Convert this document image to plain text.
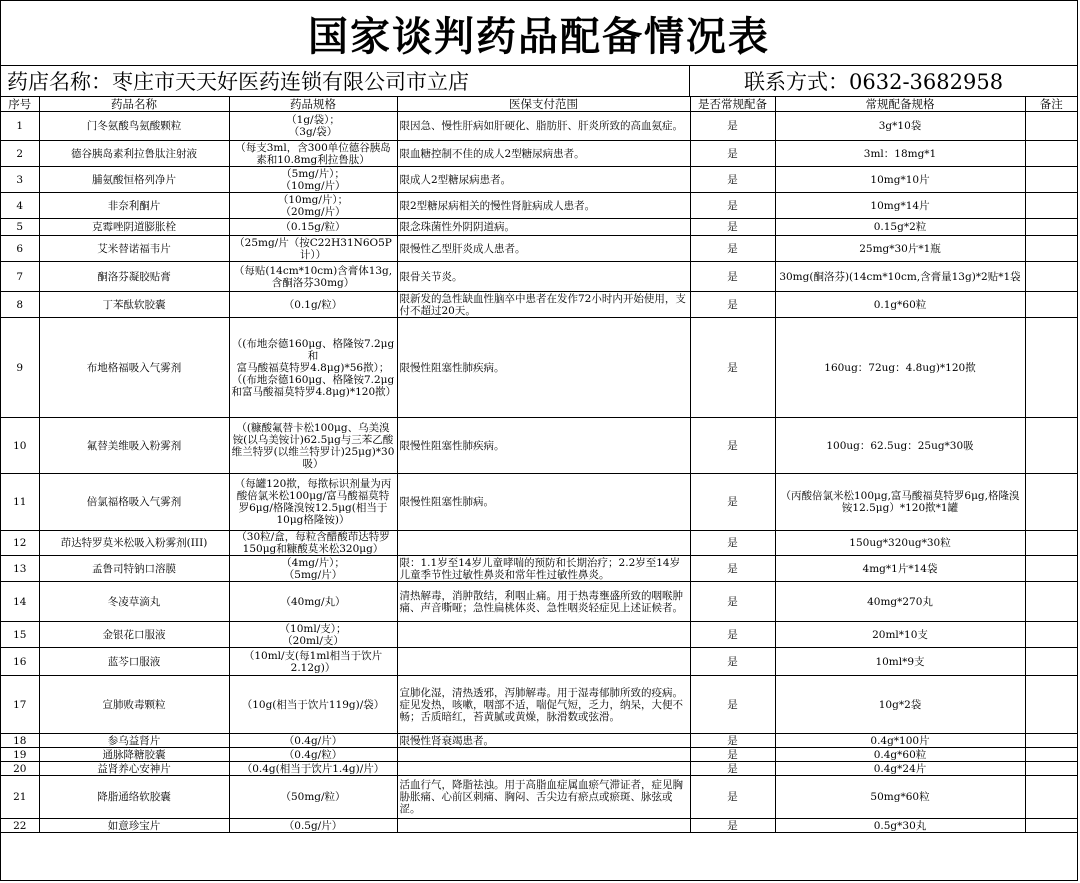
国家谈判药品配备情况表
药店名称：枣庄市天天好医药连锁有限公司市立店	联系方式：0632-3682958
序号	药品名称	药品规格	医保支付范围	是否常规配备	常规配备规格	备注
1	门冬氨酸鸟氨酸颗粒	（1g/袋）；
（3g/袋）	限因急、慢性肝病如肝硬化、脂肪肝、肝炎所致的高血氨症。	是	3g*10袋	
2	德谷胰岛素利拉鲁肽注射液	（每支3ml，含300单位德谷胰岛素和10.8mg利拉鲁肽）	限血糖控制不佳的成人2型糖尿病患者。	是	3ml：18mg*1	
3	脯氨酸恒格列净片	（5mg/片）；
（10mg/片）	限成人2型糖尿病患者。	是	10mg*10片	
4	非奈利酮片	（10mg/片）；
（20mg/片）	限2型糖尿病相关的慢性肾脏病成人患者。	是	10mg*14片	
5	克霉唑阴道膨胀栓	（0.15g/粒）	限念珠菌性外阴阴道病。	是	0.15g*2粒	
6	艾米替诺福韦片	（25mg/片（按C22H31N6O5P计））	限慢性乙型肝炎成人患者。	是	25mg*30片*1瓶	
7	酮洛芬凝胶贴膏	（每贴(14cm*10cm)含膏体13g,含酮洛芬30mg）	限骨关节炎。	是	30mg(酮洛芬)(14cm*10cm,含膏量13g)*2贴*1袋	
8	丁苯酞软胶囊	（0.1g/粒）	限新发的急性缺血性脑卒中患者在发作72小时内开始使用，支付不超过20天。	是	0.1g*60粒	
9	布地格福吸入气雾剂	（(布地奈德160μg、格隆铵7.2μg和
富马酸福莫特罗4.8μg)*56揿）；
（(布地奈德160μg、格隆铵7.2μg和富马酸福莫特罗4.8μg)*120揿）	限慢性阻塞性肺疾病。	是	160ug：72ug：4.8ug)*120揿	
10	氟替美维吸入粉雾剂	（(糠酸氟替卡松100μg、乌美溴铵(以乌美铵计)62.5μg与三苯乙酸维兰特罗(以维兰特罗计)25μg)*30吸）	限慢性阻塞性肺疾病。	是	100ug：62.5ug：25ug*30吸	
11	倍氯福格吸入气雾剂	（每罐120揿，每揿标识剂量为丙酸倍氯米松100μg/富马酸福莫特罗6μg/格隆溴铵12.5μg(相当于10μg格隆铵)）	限慢性阻塞性肺病。	是	（丙酸倍氯米松100μg,富马酸福莫特罗6μg,格隆溴铵12.5μg）*120揿*1罐	
12	茚达特罗莫米松吸入粉雾剂(III)	（30粒/盒，每粒含醋酸茚达特罗150μg和糠酸莫米松320μg）		是	150ug*320ug*30粒	
13	孟鲁司特钠口溶膜	（4mg/片）；
（5mg/片）	限：1.1岁至14岁儿童哮喘的预防和长期治疗；2.2岁至14岁儿童季节性过敏性鼻炎和常年性过敏性鼻炎。	是	4mg*1片*14袋	
14	冬凌草滴丸	（40mg/丸）	清热解毒，消肿散结，利咽止痛。用于热毒壅盛所致的咽喉肿痛、声音嘶哑；急性扁桃体炎、急性咽炎轻症见上述证候者。	是	40mg*270丸	
15	金银花口服液	（10ml/支）；
（20ml/支）		是	20ml*10支	
16	蓝芩口服液	（10ml/支(每1ml相当于饮片2.12g)）		是	10ml*9支	
17	宣肺败毒颗粒	（10g(相当于饮片119g)/袋）	宣肺化湿，清热透邪，泻肺解毒。用于湿毒郁肺所致的疫病。症见发热，咳嗽，咽部不适，喘促气短，乏力，纳呆，大便不畅；舌质暗红，苔黄腻或黄燥，脉滑数或弦滑。	是	10g*2袋	
18	参乌益肾片	（0.4g/片）	限慢性肾衰竭患者。	是	0.4g*100片	
19	通脉降糖胶囊	（0.4g/粒）		是	0.4g*60粒	
20	益肾养心安神片	（0.4g(相当于饮片1.4g)/片）		是	0.4g*24片	
21	降脂通络软胶囊	（50mg/粒）	活血行气，降脂祛浊。用于高脂血症属血瘀气滞证者，症见胸胁胀痛、心前区刺痛、胸闷、舌尖边有瘀点或瘀斑、脉弦或涩。	是	50mg*60粒	
22	如意珍宝片	（0.5g/片）		是	0.5g*30丸	
